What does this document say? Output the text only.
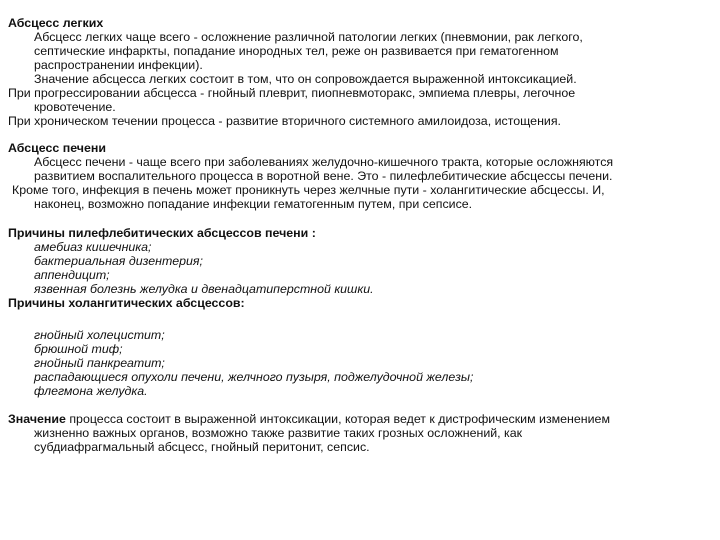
Абсцесс легких
Абсцесс легких чаще всего - осложнение различной патологии легких (пневмонии, рак легкого,
септические инфаркты, попадание инородных тел, реже он развивается при гематогенном
распространении инфекции).
Значение абсцесса легких состоит в том, что он сопровождается выраженной интоксикацией.
При прогрессировании абсцесса - гнойный плеврит, пиопневмоторакс, эмпиема плевры, легочное
кровотечение.
При хроническом течении процесса - развитие вторичного системного амилоидоза, истощения.
Абсцесс печени
Абсцесс печени - чаще всего при заболеваниях желудочно-кишечного тракта, которые осложняются
развитием воспалительного процесса в воротной вене. Это - пилефлебитические абсцессы печени.
Кроме того, инфекция в печень может проникнуть через желчные пути - холангитические абсцессы. И,
наконец, возможно попадание инфекции гематогенным путем, при сепсисе.
Причины пилефлебитических абсцессов печени :
амебиаз кишечника;
бактериальная дизентерия;
аппендицит;
язвенная болезнь желудка и двенадцатиперстной кишки.
Причины холангитических абсцессов:
гнойный холецистит;
брюшной тиф;
гнойный панкреатит;
распадающиеся опухоли печени, желчного пузыря, поджелудочной железы;
флегмона желудка.
Значение процесса состоит в выраженной интоксикации, которая ведет к дистрофическим изменением
жизненно важных органов, возможно также развитие таких грозных осложнений, как
субдиафрагмальный абсцесс, гнойный перитонит, сепсис.
